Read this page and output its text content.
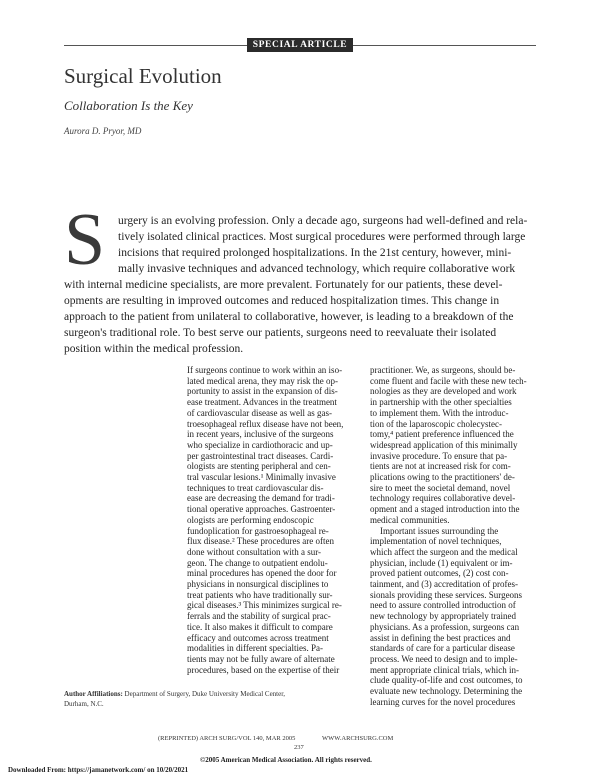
SPECIAL ARTICLE
Surgical Evolution
Collaboration Is the Key
Aurora D. Pryor, MD
S urgery is an evolving profession. Only a decade ago, surgeons had well-defined and rela-
tively isolated clinical practices. Most surgical procedures were performed through large
incisions that required prolonged hospitalizations. In the 21st century, however, mini-
mally invasive techniques and advanced technology, which require collaborative work
with internal medicine specialists, are more prevalent. Fortunately for our patients, these devel-
opments are resulting in improved outcomes and reduced hospitalization times. This change in
approach to the patient from unilateral to collaborative, however, is leading to a breakdown of the
surgeon's traditional role. To best serve our patients, surgeons need to reevaluate their isolated
position within the medical profession.
If surgeons continue to work within an iso-
lated medical arena, they may risk the op-
portunity to assist in the expansion of dis-
ease treatment. Advances in the treatment
of cardiovascular disease as well as gas-
troesophageal reflux disease have not been,
in recent years, inclusive of the surgeons
who specialize in cardiothoracic and up-
per gastrointestinal tract diseases. Cardi-
ologists are stenting peripheral and cen-
tral vascular lesions.¹ Minimally invasive
techniques to treat cardiovascular dis-
ease are decreasing the demand for tradi-
tional operative approaches. Gastroenter-
ologists are performing endoscopic
fundoplication for gastroesophageal re-
flux disease.² These procedures are often
done without consultation with a sur-
geon. The change to outpatient endolu-
minal procedures has opened the door for
physicians in nonsurgical disciplines to
treat patients who have traditionally sur-
gical diseases.³ This minimizes surgical re-
ferrals and the stability of surgical prac-
tice. It also makes it difficult to compare
efficacy and outcomes across treatment
modalities in different specialties. Pa-
tients may not be fully aware of alternate
procedures, based on the expertise of their
practitioner. We, as surgeons, should be-
come fluent and facile with these new tech-
nologies as they are developed and work
in partnership with the other specialties
to implement them. With the introduc-
tion of the laparoscopic cholecystec-
tomy,⁴ patient preference influenced the
widespread application of this minimally
invasive procedure. To ensure that pa-
tients are not at increased risk for com-
plications owing to the practitioners' de-
sire to meet the societal demand, novel
technology requires collaborative devel-
opment and a staged introduction into the
medical communities.
Important issues surrounding the
implementation of novel techniques,
which affect the surgeon and the medical
physician, include (1) equivalent or im-
proved patient outcomes, (2) cost con-
tainment, and (3) accreditation of profes-
sionals providing these services. Surgeons
need to assure controlled introduction of
new technology by appropriately trained
physicians. As a profession, surgeons can
assist in defining the best practices and
standards of care for a particular disease
process. We need to design and to imple-
ment appropriate clinical trials, which in-
clude quality-of-life and cost outcomes, to
evaluate new technology. Determining the
learning curves for the novel procedures
Author Affiliations: Department of Surgery, Duke University Medical Center,
Durham, N.C.
(REPRINTED) ARCH SURG/VOL 140, MAR 2005	WWW.ARCHSURG.COM
237
©2005 American Medical Association. All rights reserved.
Downloaded From: https://jamanetwork.com/ on 10/20/2021
